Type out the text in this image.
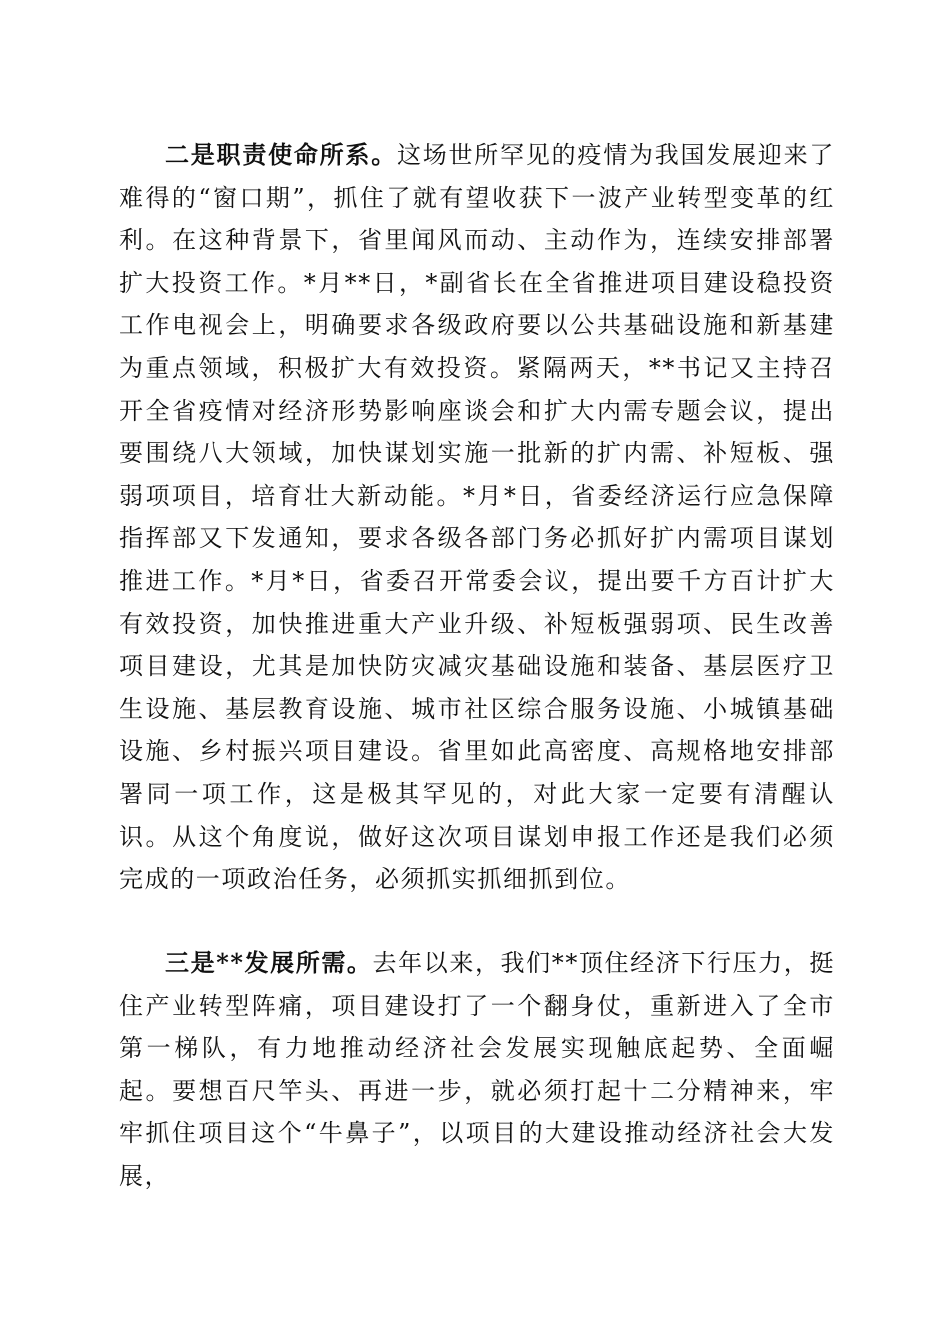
二是职责使命所系。这场世所罕见的疫情为我国发展迎来了难得的“窗口期”，抓住了就有望收获下一波产业转型变革的红利。在这种背景下，省里闻风而动、主动作为，连续安排部署扩大投资工作。*月**日，*副省长在全省推进项目建设稳投资工作电视会上，明确要求各级政府要以公共基础设施和新基建为重点领域，积极扩大有效投资。紧隔两天，**书记又主持召开全省疫情对经济形势影响座谈会和扩大内需专题会议，提出要围绕八大领域，加快谋划实施一批新的扩内需、补短板、强弱项项目，培育壮大新动能。*月*日，省委经济运行应急保障指挥部又下发通知，要求各级各部门务必抓好扩内需项目谋划推进工作。*月*日，省委召开常委会议，提出要千方百计扩大有效投资，加快推进重大产业升级、补短板强弱项、民生改善项目建设，尤其是加快防灾减灾基础设施和装备、基层医疗卫生设施、基层教育设施、城市社区综合服务设施、小城镇基础设施、乡村振兴项目建设。省里如此高密度、高规格地安排部署同一项工作，这是极其罕见的，对此大家一定要有清醒认识。从这个角度说，做好这次项目谋划申报工作还是我们必须完成的一项政治任务，必须抓实抓细抓到位。

三是**发展所需。去年以来，我们**顶住经济下行压力，挺住产业转型阵痛，项目建设打了一个翻身仗，重新进入了全市第一梯队，有力地推动经济社会发展实现触底起势、全面崛起。要想百尺竿头、再进一步，就必须打起十二分精神来，牢牢抓住项目这个“牛鼻子”，以项目的大建设推动经济社会大发展，
